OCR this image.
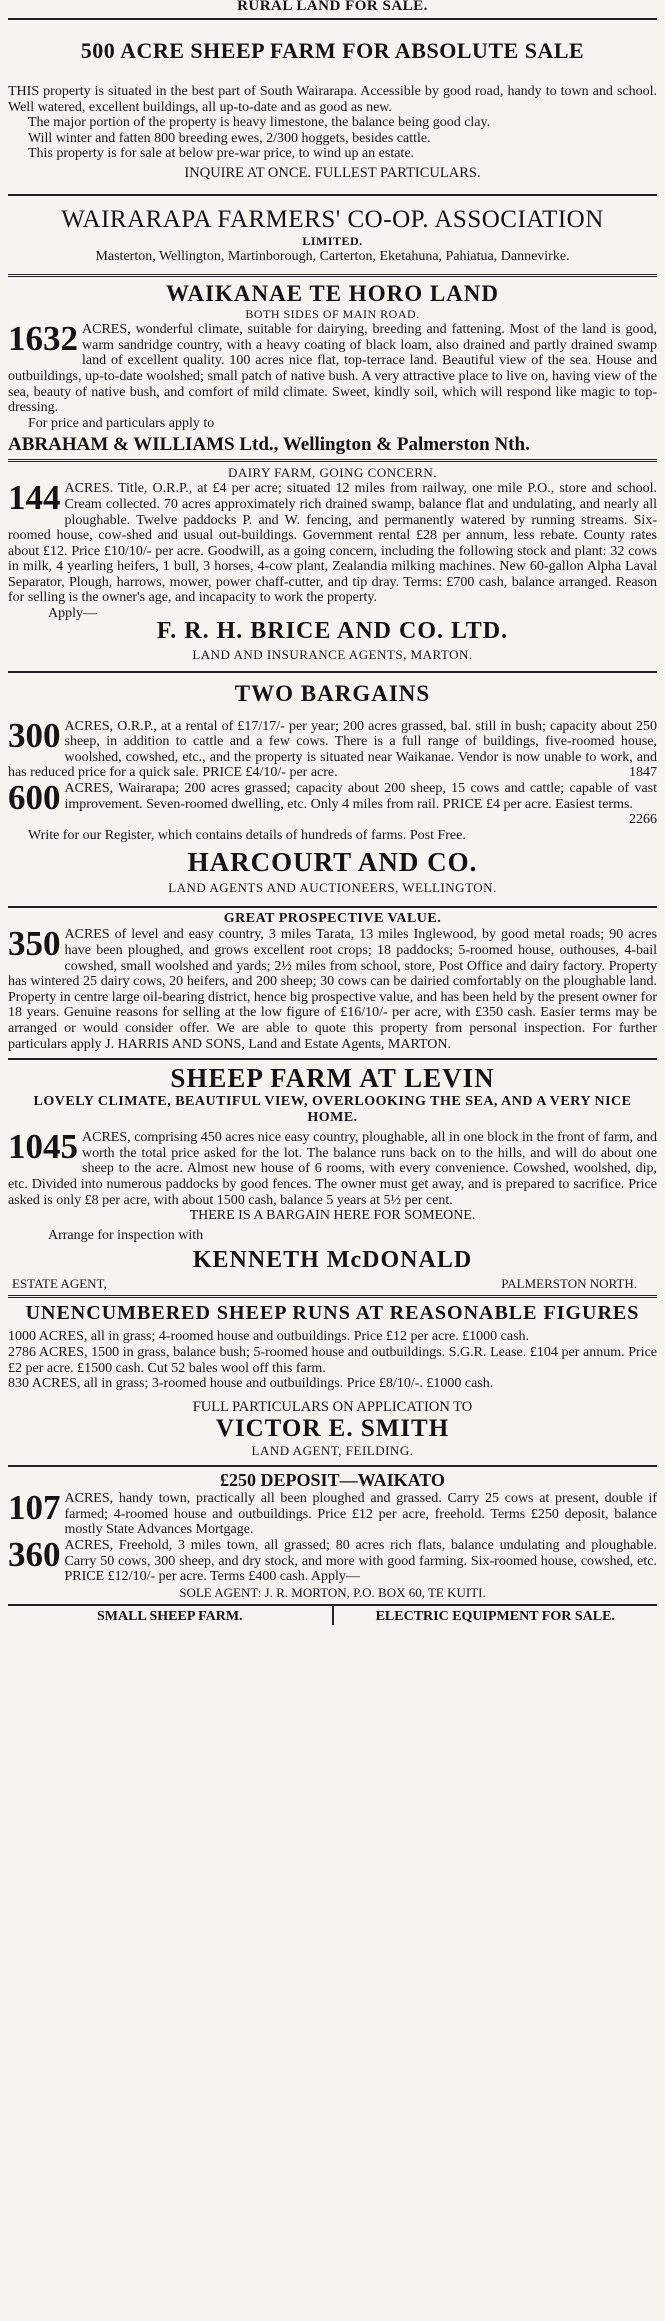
RURAL LAND FOR SALE.
500 ACRE SHEEP FARM FOR ABSOLUTE SALE

THIS property is situated in the best part of South Wairarapa. Accessible by good road, handy to town and school. Well watered, excellent buildings, all up-to-date and as good as new.

The major portion of the property is heavy limestone, the balance being good clay.

Will winter and fatten 800 breeding ewes, 2/300 hoggets, besides cattle.

This property is for sale at below pre-war price, to wind up an estate.

INQUIRE AT ONCE. FULLEST PARTICULARS.

WAIRARAPA FARMERS' CO-OP. ASSOCIATION
LIMITED.

Masterton, Wellington, Martinborough, Carterton, Eketahuna, Pahiatua, Dannevirke.

WAIKANAE TE HORO LAND
BOTH SIDES OF MAIN ROAD.

1632 ACRES, wonderful climate, suitable for dairying, breeding and fattening. Most of the land is good, warm sandridge country, with a heavy coating of black loam, also drained and partly drained swamp land of excellent quality. 100 acres nice flat, top-terrace land. Beautiful view of the sea. House and outbuildings, up-to-date woolshed; small patch of native bush. A very attractive place to live on, having view of the sea, beauty of native bush, and comfort of mild climate. Sweet, kindly soil, which will respond like magic to top-dressing.

For price and particulars apply to

ABRAHAM & WILLIAMS Ltd., Wellington & Palmerston Nth.
DAIRY FARM, GOING CONCERN.

144 ACRES. Title, O.R.P., at £4 per acre; situated 12 miles from railway, one mile P.O., store and school. Cream collected. 70 acres approximately rich drained swamp, balance flat and undulating, and nearly all ploughable. Twelve paddocks P. and W. fencing, and permanently watered by running streams. Six-roomed house, cow-shed and usual out-buildings. Government rental £28 per annum, less rebate. County rates about £12. Price £10/10/- per acre. Goodwill, as a going concern, including the following stock and plant: 32 cows in milk, 4 yearling heifers, 1 bull, 3 horses, 4-cow plant, Zealandia milking machines. New 60-gallon Alpha Laval Separator, Plough, harrows, mower, power chaff-cutter, and tip dray. Terms: £700 cash, balance arranged. Reason for selling is the owner's age, and incapacity to work the property.

Apply—

F. R. H. BRICE AND CO. LTD.
LAND AND INSURANCE AGENTS, MARTON.
TWO BARGAINS

300 ACRES, O.R.P., at a rental of £17/17/- per year; 200 acres grassed, bal. still in bush; capacity about 250 sheep, in addition to cattle and a few cows. There is a full range of buildings, five-roomed house, woolshed, cowshed, etc., and the property is situated near Waikanae. Vendor is now unable to work, and has reduced price for a quick sale. PRICE £4/10/- per acre.	1847

600 ACRES, Wairarapa; 200 acres grassed; capacity about 200 sheep, 15 cows and cattle; capable of vast improvement. Seven-roomed dwelling, etc. Only 4 miles from rail. PRICE £4 per acre. Easiest terms.
2266

Write for our Register, which contains details of hundreds of farms. Post Free.

HARCOURT AND CO.
LAND AGENTS AND AUCTIONEERS, WELLINGTON.
GREAT PROSPECTIVE VALUE.

350 ACRES of level and easy country, 3 miles Tarata, 13 miles Inglewood, by good metal roads; 90 acres have been ploughed, and grows excellent root crops; 18 paddocks; 5-roomed house, outhouses, 4-bail cowshed, small woolshed and yards; 2½ miles from school, store, Post Office and dairy factory. Property has wintered 25 dairy cows, 20 heifers, and 200 sheep; 30 cows can be dairied comfortably on the ploughable land. Property in centre large oil-bearing district, hence big prospective value, and has been held by the present owner for 18 years. Genuine reasons for selling at the low figure of £16/10/- per acre, with £350 cash. Easier terms may be arranged or would consider offer. We are able to quote this property from personal inspection. For further particulars apply J. HARRIS AND SONS, Land and Estate Agents, MARTON.

SHEEP FARM AT LEVIN
LOVELY CLIMATE, BEAUTIFUL VIEW, OVERLOOKING THE SEA, AND A VERY NICE HOME.

1045 ACRES, comprising 450 acres nice easy country, ploughable, all in one block in the front of farm, and worth the total price asked for the lot. The balance runs back on to the hills, and will do about one sheep to the acre. Almost new house of 6 rooms, with every convenience. Cowshed, woolshed, dip, etc. Divided into numerous paddocks by good fences. The owner must get away, and is prepared to sacrifice. Price asked is only £8 per acre, with about 1500 cash, balance 5 years at 5½ per cent.

THERE IS A BARGAIN HERE FOR SOMEONE.

Arrange for inspection with

KENNETH McDONALD
ESTATE AGENT,	PALMERSTON NORTH.
UNENCUMBERED SHEEP RUNS AT REASONABLE FIGURES

1000 ACRES, all in grass; 4-roomed house and outbuildings. Price £12 per acre. £1000 cash.

2786 ACRES, 1500 in grass, balance bush; 5-roomed house and outbuildings. S.G.R. Lease. £104 per annum. Price £2 per acre. £1500 cash. Cut 52 bales wool off this farm.

830 ACRES, all in grass; 3-roomed house and outbuildings. Price £8/10/-. £1000 cash.

FULL PARTICULARS ON APPLICATION TO

VICTOR E. SMITH
LAND AGENT, FEILDING.
£250 DEPOSIT—WAIKATO

107 ACRES, handy town, practically all been ploughed and grassed. Carry 25 cows at present, double if farmed; 4-roomed house and outbuildings. Price £12 per acre, freehold. Terms £250 deposit, balance mostly State Advances Mortgage.

360 ACRES, Freehold, 3 miles town, all grassed; 80 acres rich flats, balance undulating and ploughable. Carry 50 cows, 300 sheep, and dry stock, and more with good farming. Six-roomed house, cowshed, etc. PRICE £12/10/- per acre. Terms £400 cash. Apply—

SOLE AGENT: J. R. MORTON, P.O. BOX 60, TE KUITI.

SMALL SHEEP FARM.	ELECTRIC EQUIPMENT FOR SALE.
